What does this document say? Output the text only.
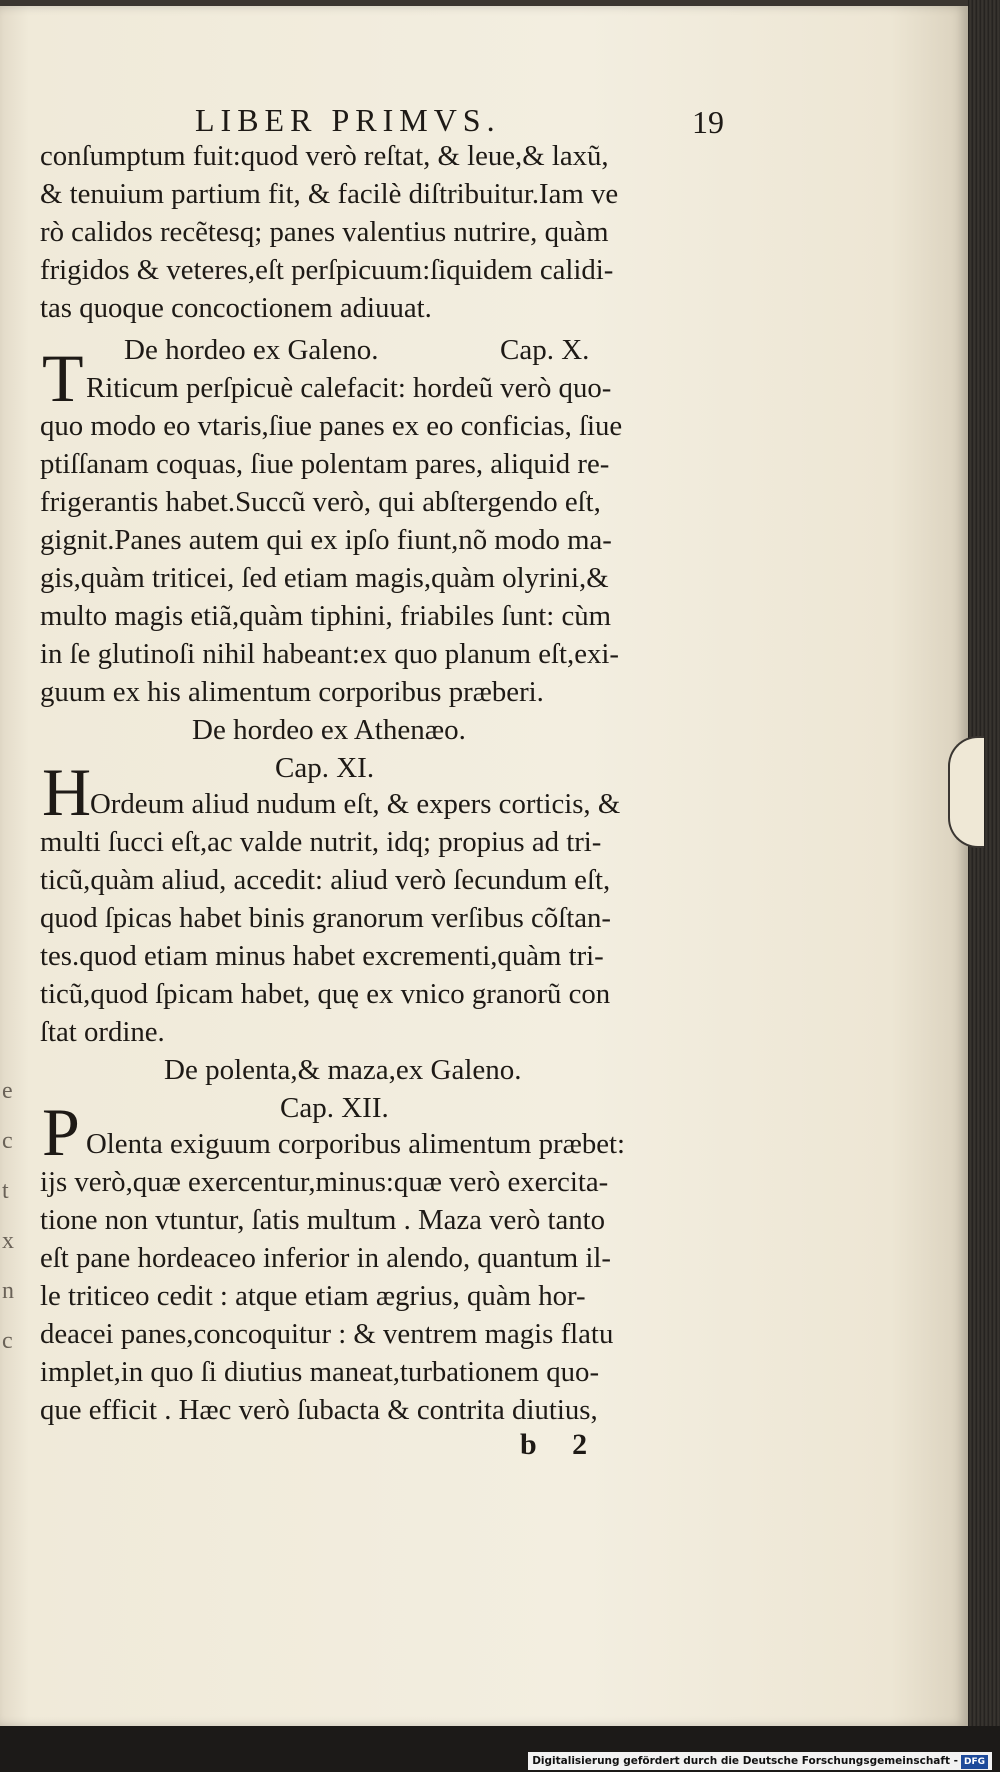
LIBER PRIMVS.	19
conſumptum fuit:quod verò reſtat, & leue,& laxũ,
& tenuium partium fit, & facilè diſtribuitur.Iam ve
rò calidos recẽtesq; panes valentius nutrire, quàm
frigidos & veteres,eſt perſpicuum:ſiquidem calidi-
tas quoque concoctionem adiuuat.
De hordeo ex Galeno.	Cap. X.
T Riticum perſpicuè calefacit: hordeũ verò quo-
quo modo eo vtaris,ſiue panes ex eo conficias, ſiue
ptiſſanam coquas, ſiue polentam pares, aliquid re-
frigerantis habet.Succũ verò, qui abſtergendo eſt,
gignit.Panes autem qui ex ipſo fiunt,nõ modo ma-
gis,quàm triticei, ſed etiam magis,quàm olyrini,&
multo magis etiã,quàm tiphini, friabiles ſunt: cùm
in ſe glutinoſi nihil habeant:ex quo planum eſt,exi-
guum ex his alimentum corporibus præberi.
De hordeo ex Athenæo.
Cap. XI.
H
Ordeum aliud nudum eſt, & expers corticis, &
multi ſucci eſt,ac valde nutrit, idq; propius ad tri-
ticũ,quàm aliud, accedit: aliud verò ſecundum eſt,
quod ſpicas habet binis granorum verſibus cõſtan-
tes.quod etiam minus habet excrementi,quàm tri-
ticũ,quod ſpicam habet, quę ex vnico granorũ con
ſtat ordine.
De polenta,& maza,ex Galeno.
Cap. XII.
P Olenta exiguum corporibus alimentum præbet:
ijs verò,quæ exercentur,minus:quæ verò exercita-
tione non vtuntur, ſatis multum . Maza verò tanto
eſt pane hordeaceo inferior in alendo, quantum il-
le triticeo cedit : atque etiam ægrius, quàm hor-
deacei panes,concoquitur : & ventrem magis flatu
implet,in quo ſi diutius maneat,turbationem quo-
que efficit . Hæc verò ſubacta & contrita diutius,
b 2
e
c
t
x
n
c
Digitalisierung gefördert durch die Deutsche Forschungsgemeinschaft - DFG
